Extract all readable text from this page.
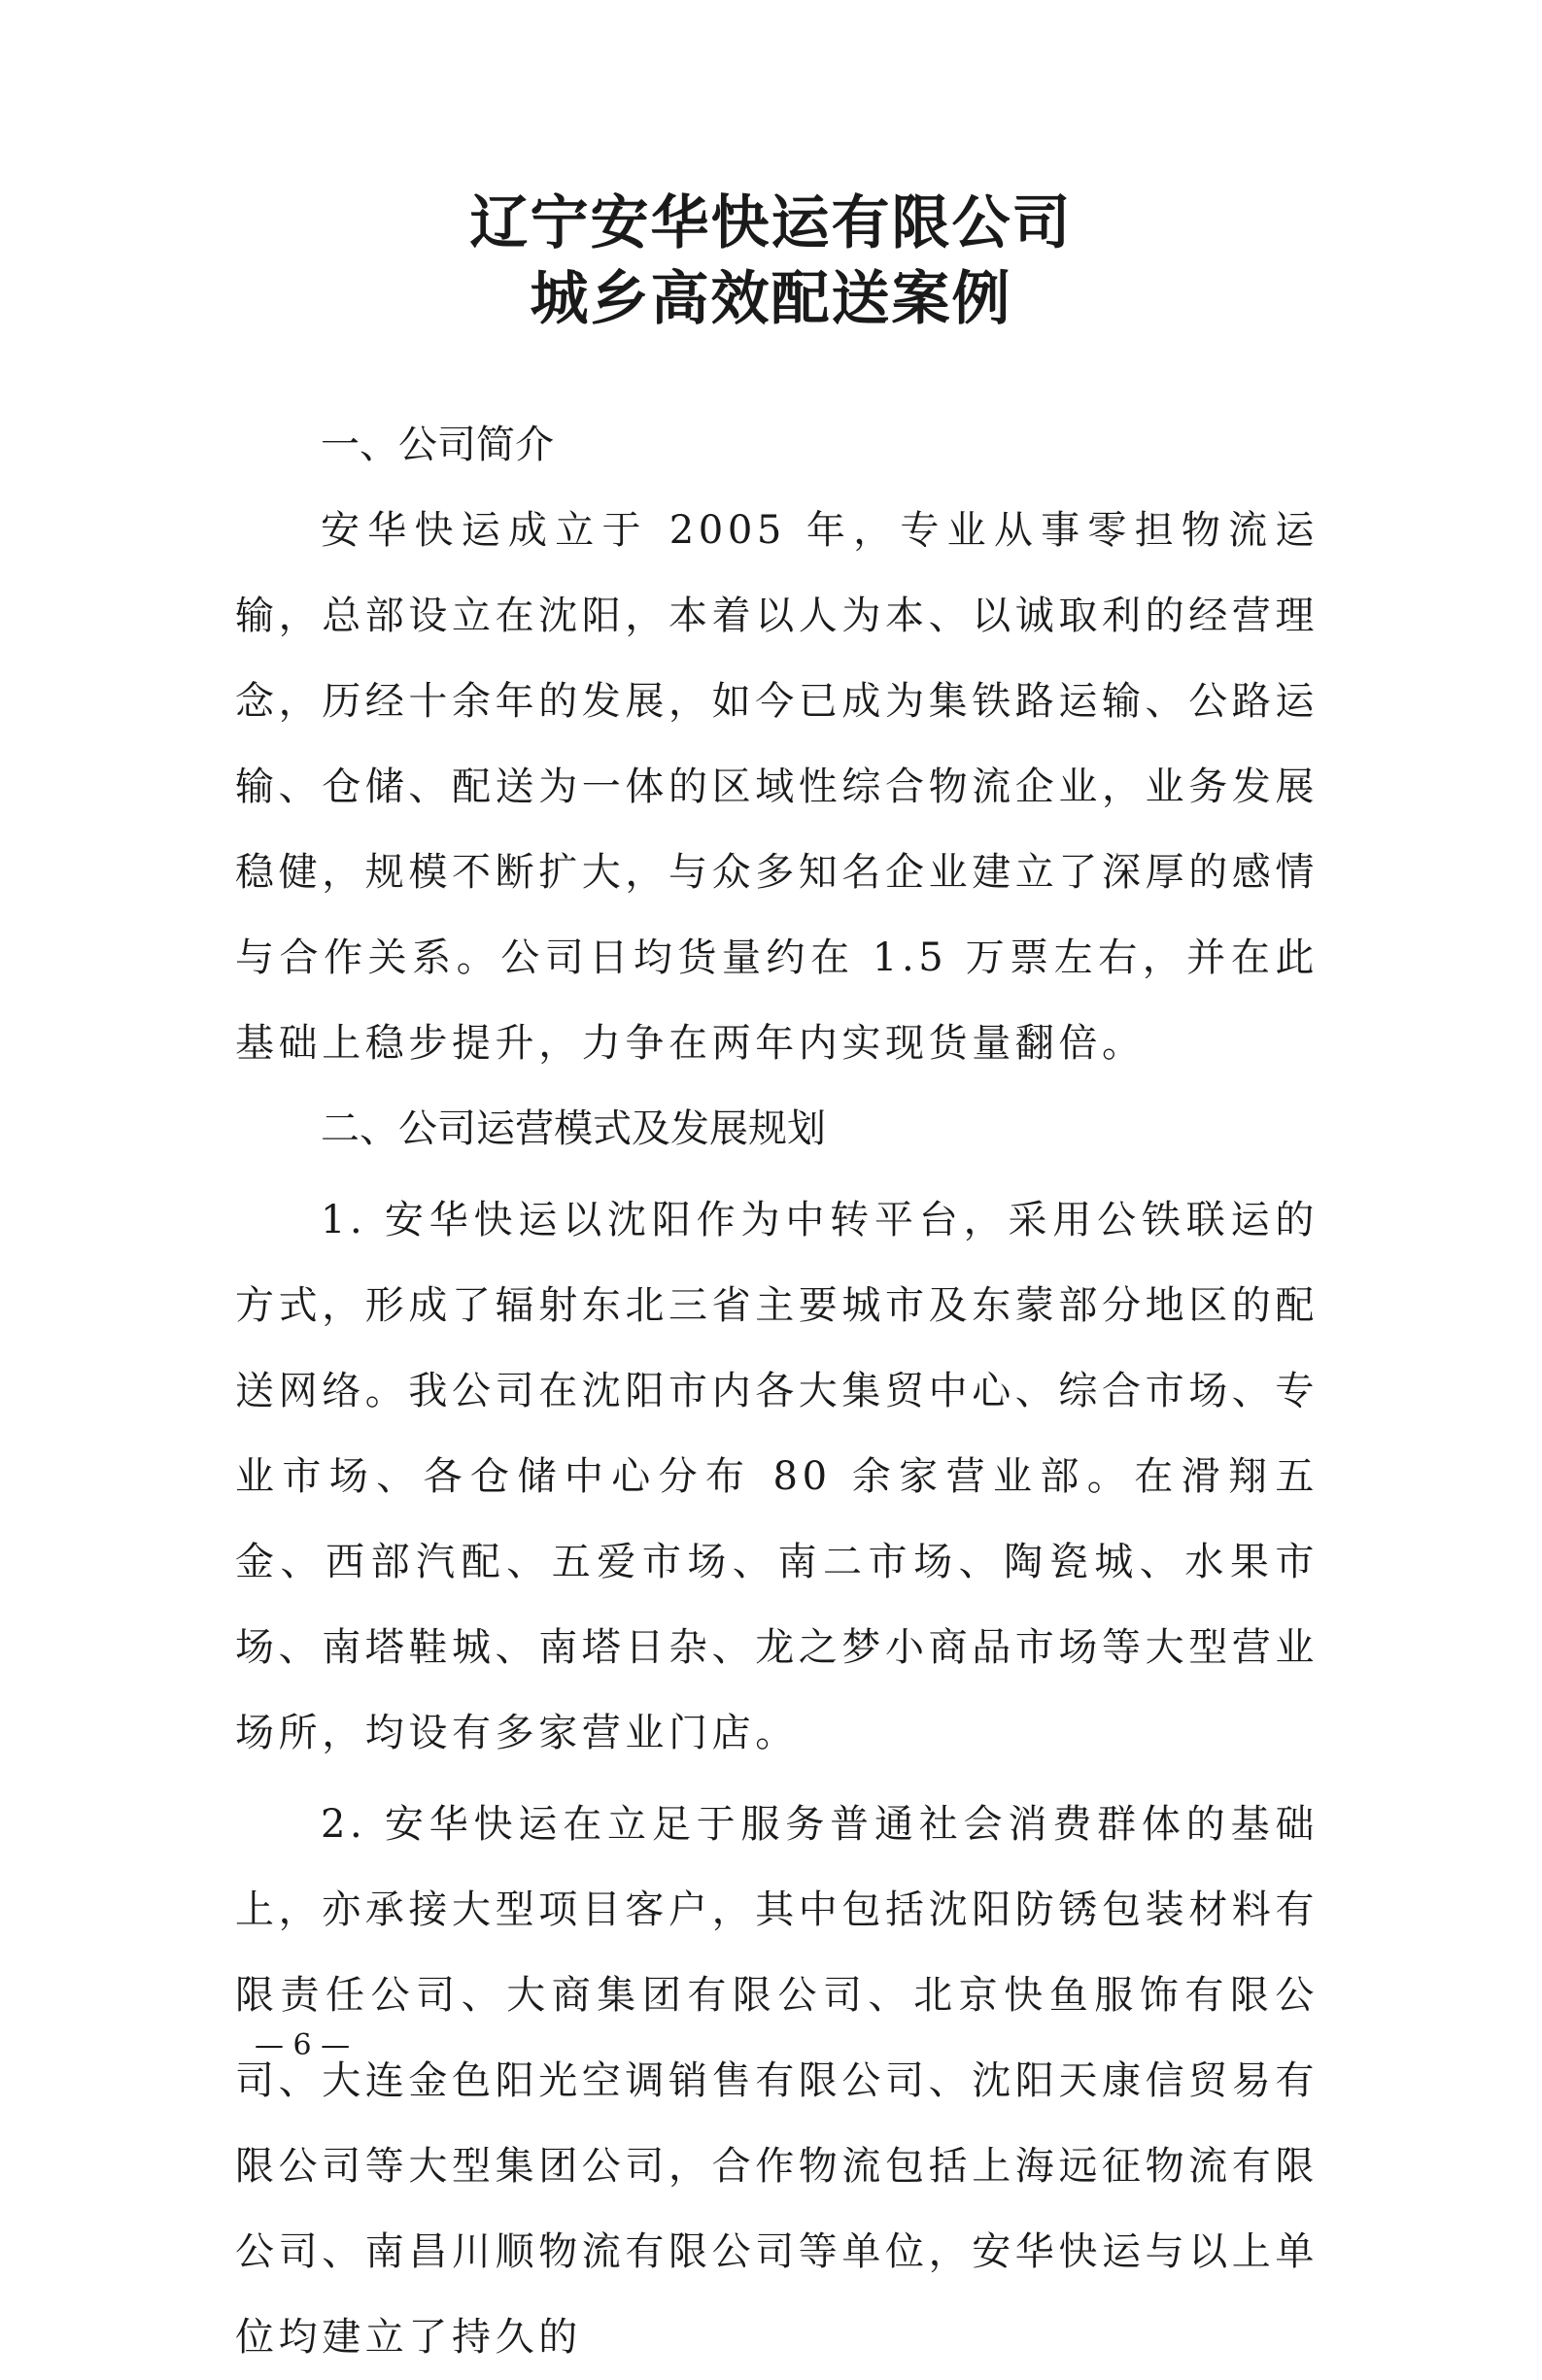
辽宁安华快运有限公司
城乡高效配送案例

一、公司简介

安华快运成立于 2005 年，专业从事零担物流运输，总部设立在沈阳，本着以人为本、以诚取利的经营理念，历经十余年的发展，如今已成为集铁路运输、公路运输、仓储、配送为一体的区域性综合物流企业，业务发展稳健，规模不断扩大，与众多知名企业建立了深厚的感情与合作关系。公司日均货量约在 1.5 万票左右，并在此基础上稳步提升，力争在两年内实现货量翻倍。

二、公司运营模式及发展规划

1. 安华快运以沈阳作为中转平台，采用公铁联运的方式，形成了辐射东北三省主要城市及东蒙部分地区的配送网络。我公司在沈阳市内各大集贸中心、综合市场、专业市场、各仓储中心分布 80 余家营业部。在滑翔五金、西部汽配、五爱市场、南二市场、陶瓷城、水果市场、南塔鞋城、南塔日杂、龙之梦小商品市场等大型营业场所，均设有多家营业门店。

2. 安华快运在立足于服务普通社会消费群体的基础上，亦承接大型项目客户，其中包括沈阳防锈包装材料有限责任公司、大商集团有限公司、北京快鱼服饰有限公司、大连金色阳光空调销售有限公司、沈阳天康信贸易有限公司等大型集团公司，合作物流包括上海远征物流有限公司、南昌川顺物流有限公司等单位，安华快运与以上单位均建立了持久的

— 6 —
